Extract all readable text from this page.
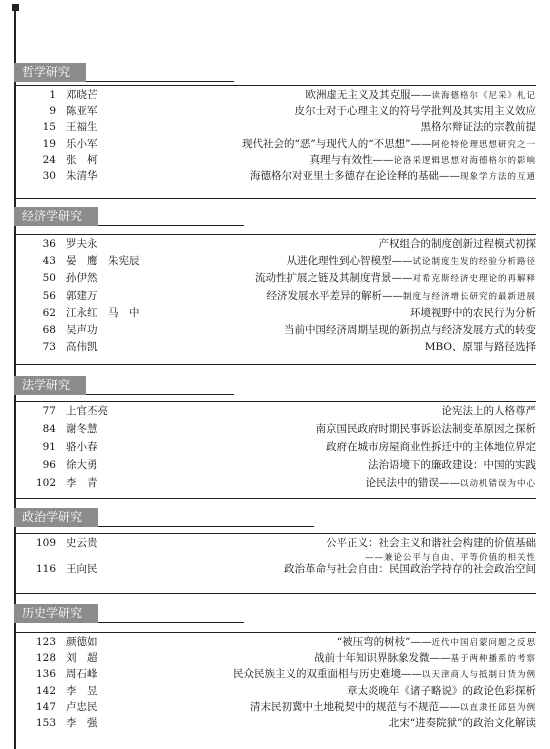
哲学研究
1 邓晓芒	欧洲虚无主义及其克服——读海德格尔《尼采》札记
9 陈亚军	皮尔士对于心理主义的符号学批判及其实用主义效应
15 王福生	黑格尔辩证法的宗教前提
19 乐小军	现代社会的“恶”与现代人的“不思想”——阿伦特伦理思想研究之一
24 张　柯	真理与有效性——论洛采逻辑思想对海德格尔的影响
30 朱清华	海德格尔对亚里士多德存在论诠释的基础——现象学方法的互通
经济学研究
36 罗夫永	产权组合的制度创新过程模式初探
43 晏　鹰　朱宪辰	从进化理性到心智模型——试论制度生发的经验分析路径
50 孙伊然	流动性扩展之链及其制度背景——对希克斯经济史理论的再解释
56 郭建万	经济发展水平差异的解析——制度与经济增长研究的最新进展
62 江永红　马　中	环境视野中的农民行为分析
68 吴声功	当前中国经济周期呈现的新拐点与经济发展方式的转变
73 高伟凯	MBO、原罪与路径选择
法学研究
77 上官丕亮	论宪法上的人格尊严
84 谢冬慧	南京国民政府时期民事诉讼法制变革原因之探析
91 骆小春	政府在城市房屋商业性拆迁中的主体地位界定
96 徐大勇	法治语境下的廉政建设：中国的实践
102 李　青	论民法中的错误——以动机错误为中心
政治学研究
109 史云贵	公平正义：社会主义和谐社会构建的价值基础
——兼论公平与自由、平等价值的相关性
116 王向民	政治革命与社会自由：民国政治学持存的社会政治空间
历史学研究
123 颜德如	“被压弯的树枝”——近代中国启蒙问题之反思
128 刘　超	战前十年知识界脉象发微——基于两种播系的考察
136 周石峰	民众民族主义的双重面相与历史难境——以天津商人与抵制日货为例
142 李　昱	章太炎晚年《诸子略说》的政论色彩探析
147 卢忠民	清末民初冀中土地税契中的规范与不规范——以直隶任邱县为例
153 李　强	北宋“进奏院狱”的政治文化解读
